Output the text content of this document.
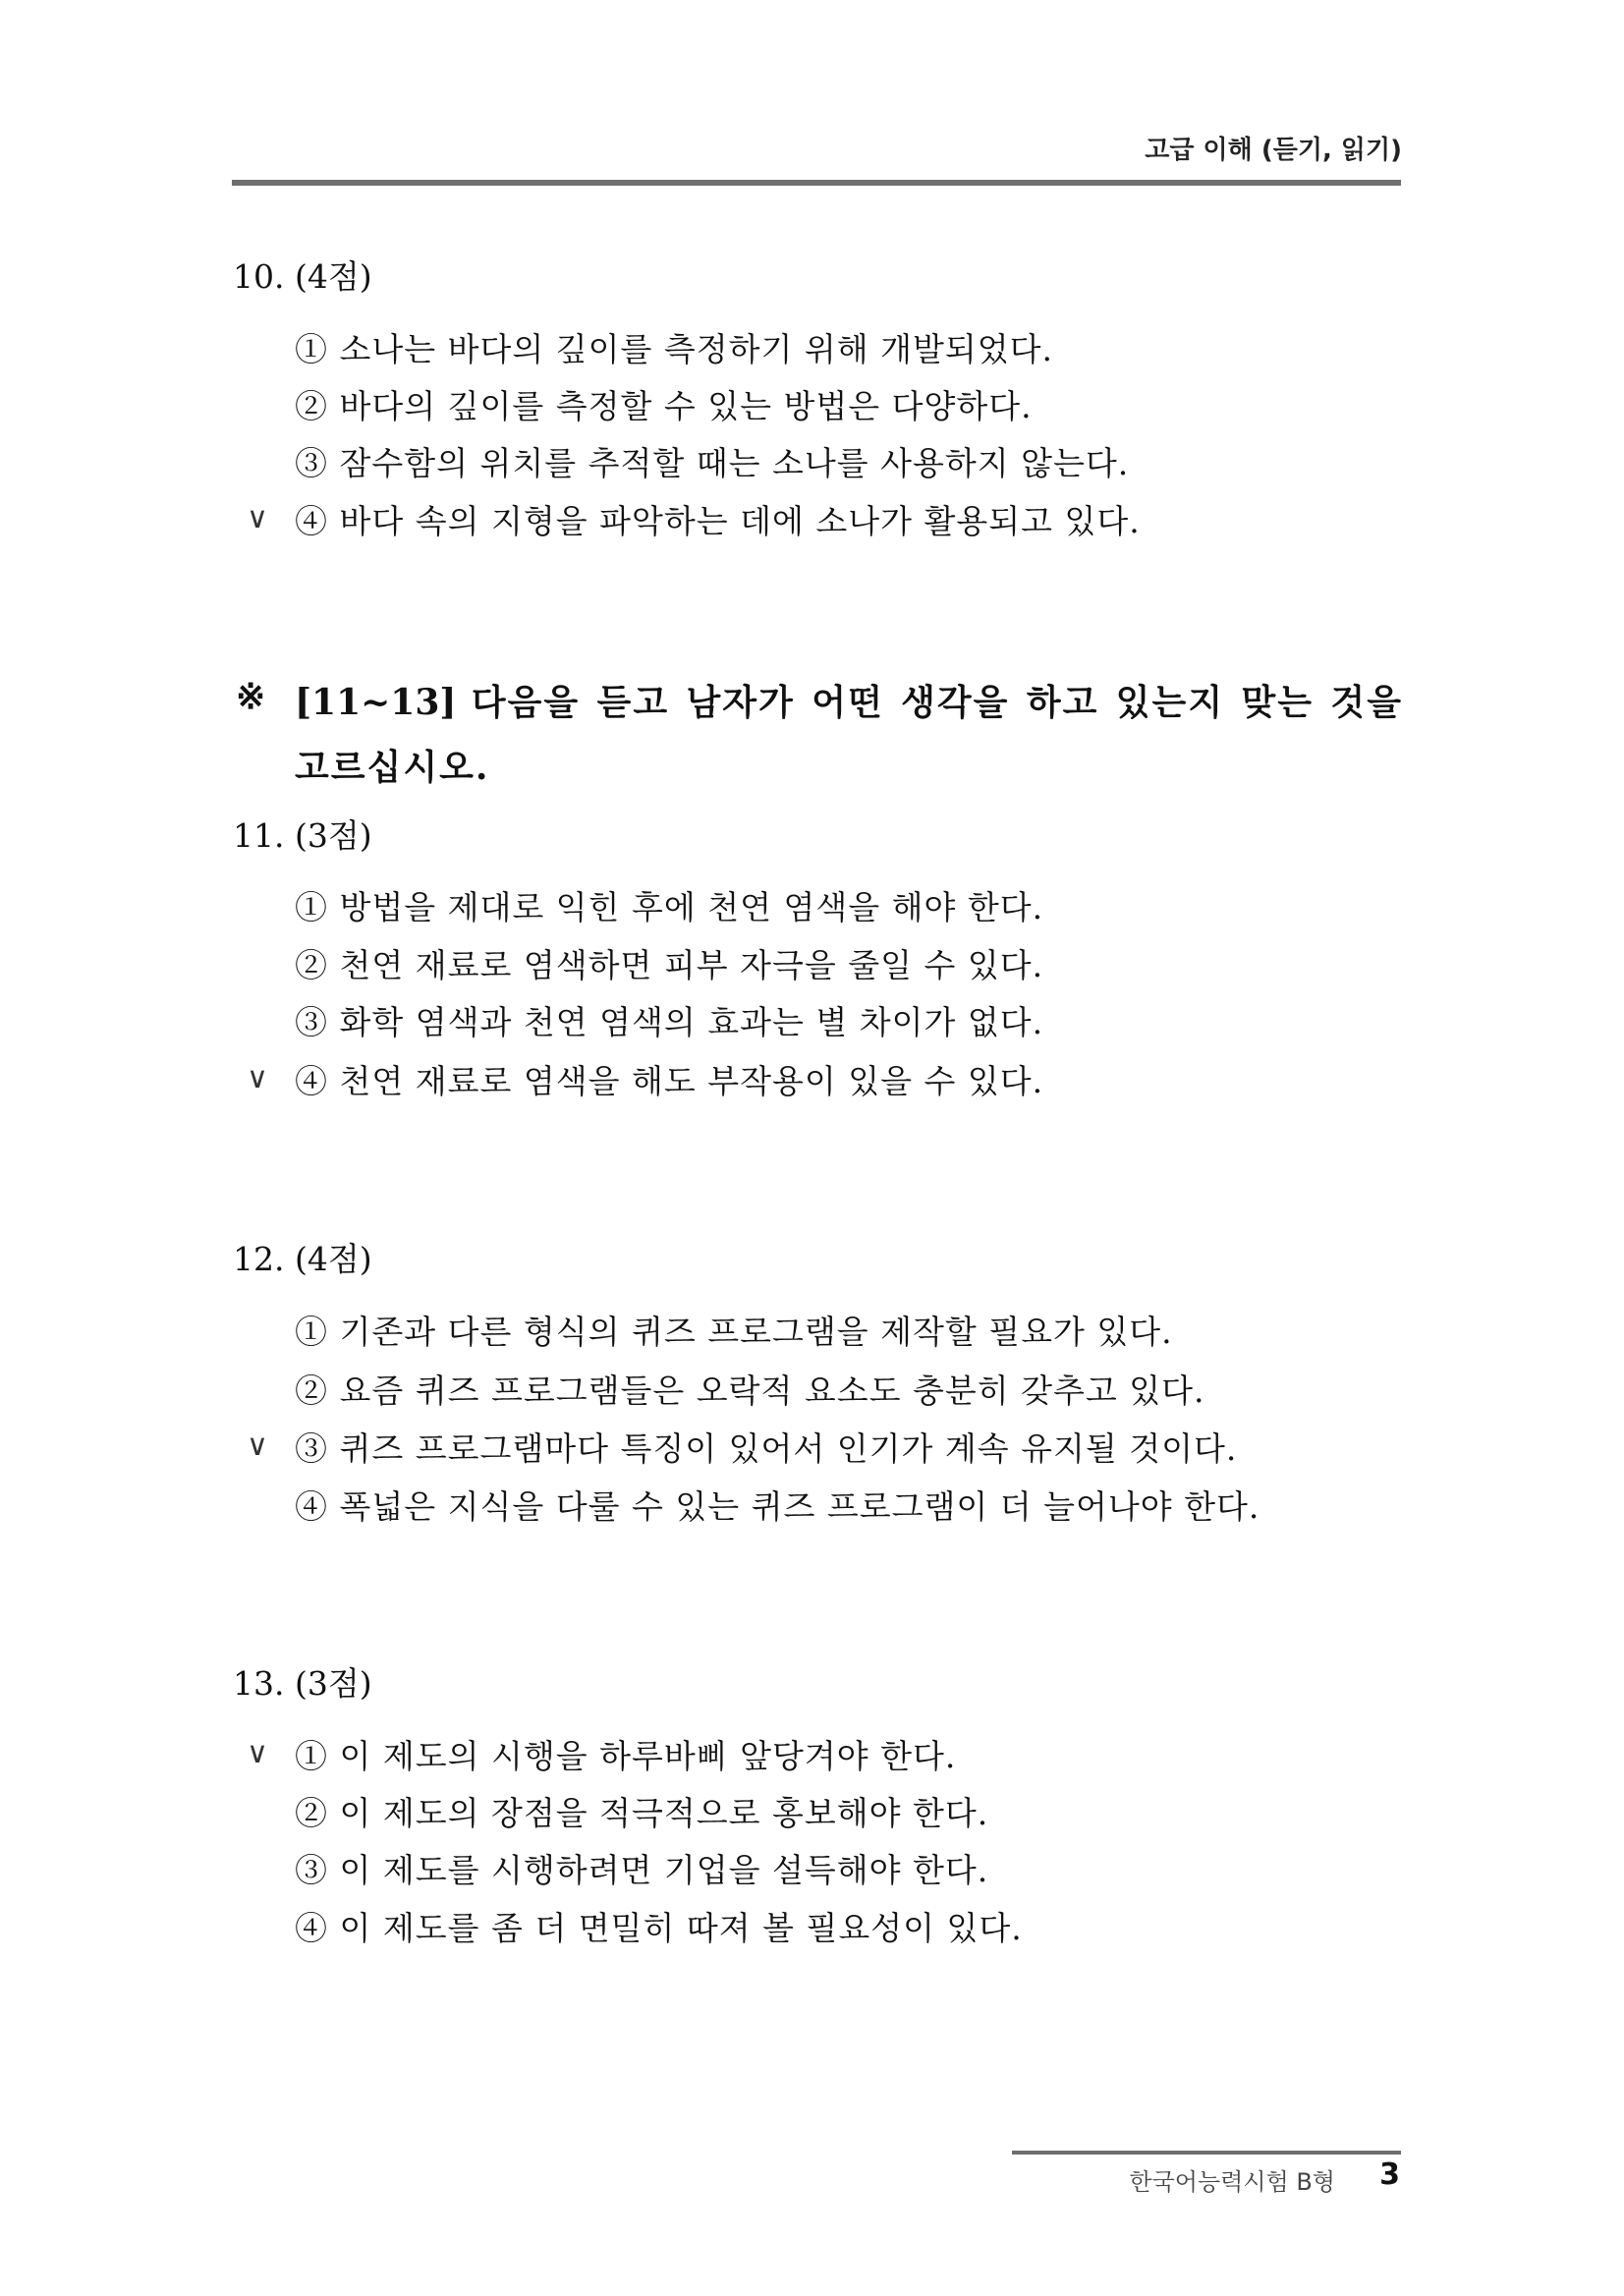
고급 이해 (듣기, 읽기)
10. (4점)
① 소나는 바다의 깊이를 측정하기 위해 개발되었다.
② 바다의 깊이를 측정할 수 있는 방법은 다양하다.
③ 잠수함의 위치를 추적할 때는 소나를 사용하지 않는다.
∨ ④ 바다 속의 지형을 파악하는 데에 소나가 활용되고 있다.
※ [11~13] 다음을 듣고 남자가 어떤 생각을 하고 있는지 맞는 것을 고르십시오.
11. (3점)
① 방법을 제대로 익힌 후에 천연 염색을 해야 한다.
② 천연 재료로 염색하면 피부 자극을 줄일 수 있다.
③ 화학 염색과 천연 염색의 효과는 별 차이가 없다.
∨ ④ 천연 재료로 염색을 해도 부작용이 있을 수 있다.
12. (4점)
① 기존과 다른 형식의 퀴즈 프로그램을 제작할 필요가 있다.
② 요즘 퀴즈 프로그램들은 오락적 요소도 충분히 갖추고 있다.
∨ ③ 퀴즈 프로그램마다 특징이 있어서 인기가 계속 유지될 것이다.
④ 폭넓은 지식을 다룰 수 있는 퀴즈 프로그램이 더 늘어나야 한다.
13. (3점)
∨ ① 이 제도의 시행을 하루바삐 앞당겨야 한다.
② 이 제도의 장점을 적극적으로 홍보해야 한다.
③ 이 제도를 시행하려면 기업을 설득해야 한다.
④ 이 제도를 좀 더 면밀히 따져 볼 필요성이 있다.
한국어능력시험 B형 3
